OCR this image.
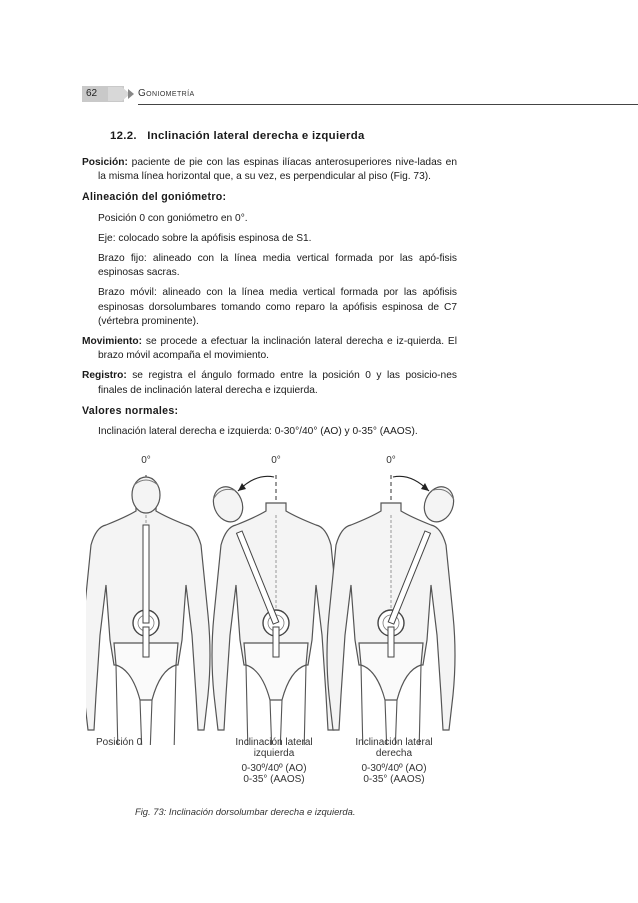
62	Goniometría
12.2.   Inclinación lateral derecha e izquierda

Posición: paciente de pie con las espinas ilíacas anterosuperiores nive-ladas en la misma línea horizontal que, a su vez, es perpendicular al piso (Fig. 73).

Alineación del goniómetro:

Posición 0 con goniómetro en 0°.

Eje: colocado sobre la apófisis espinosa de S1.

Brazo fijo: alineado con la línea media vertical formada por las apó-fisis espinosas sacras.

Brazo móvil: alineado con la línea media vertical formada por las apófisis espinosas dorsolumbares tomando como reparo la apófisis espinosa de C7 (vértebra prominente).

Movimiento: se procede a efectuar la inclinación lateral derecha e iz-quierda. El brazo móvil acompaña el movimiento.

Registro: se registra el ángulo formado entre la posición 0 y las posicio-nes finales de inclinación lateral derecha e izquierda.

Valores normales:

Inclinación lateral derecha e izquierda: 0-30°/40° (AO) y 0-35° (AAOS).

0°	0°	0°
Posición 0	Inclinación lateral
izquierda
0-30º/40º (AO)
0-35° (AAOS)
Inclinación lateral
derecha
0-30º/40º (AO)
0-35° (AAOS)
Fig. 73: Inclinación dorsolumbar derecha e izquierda.
